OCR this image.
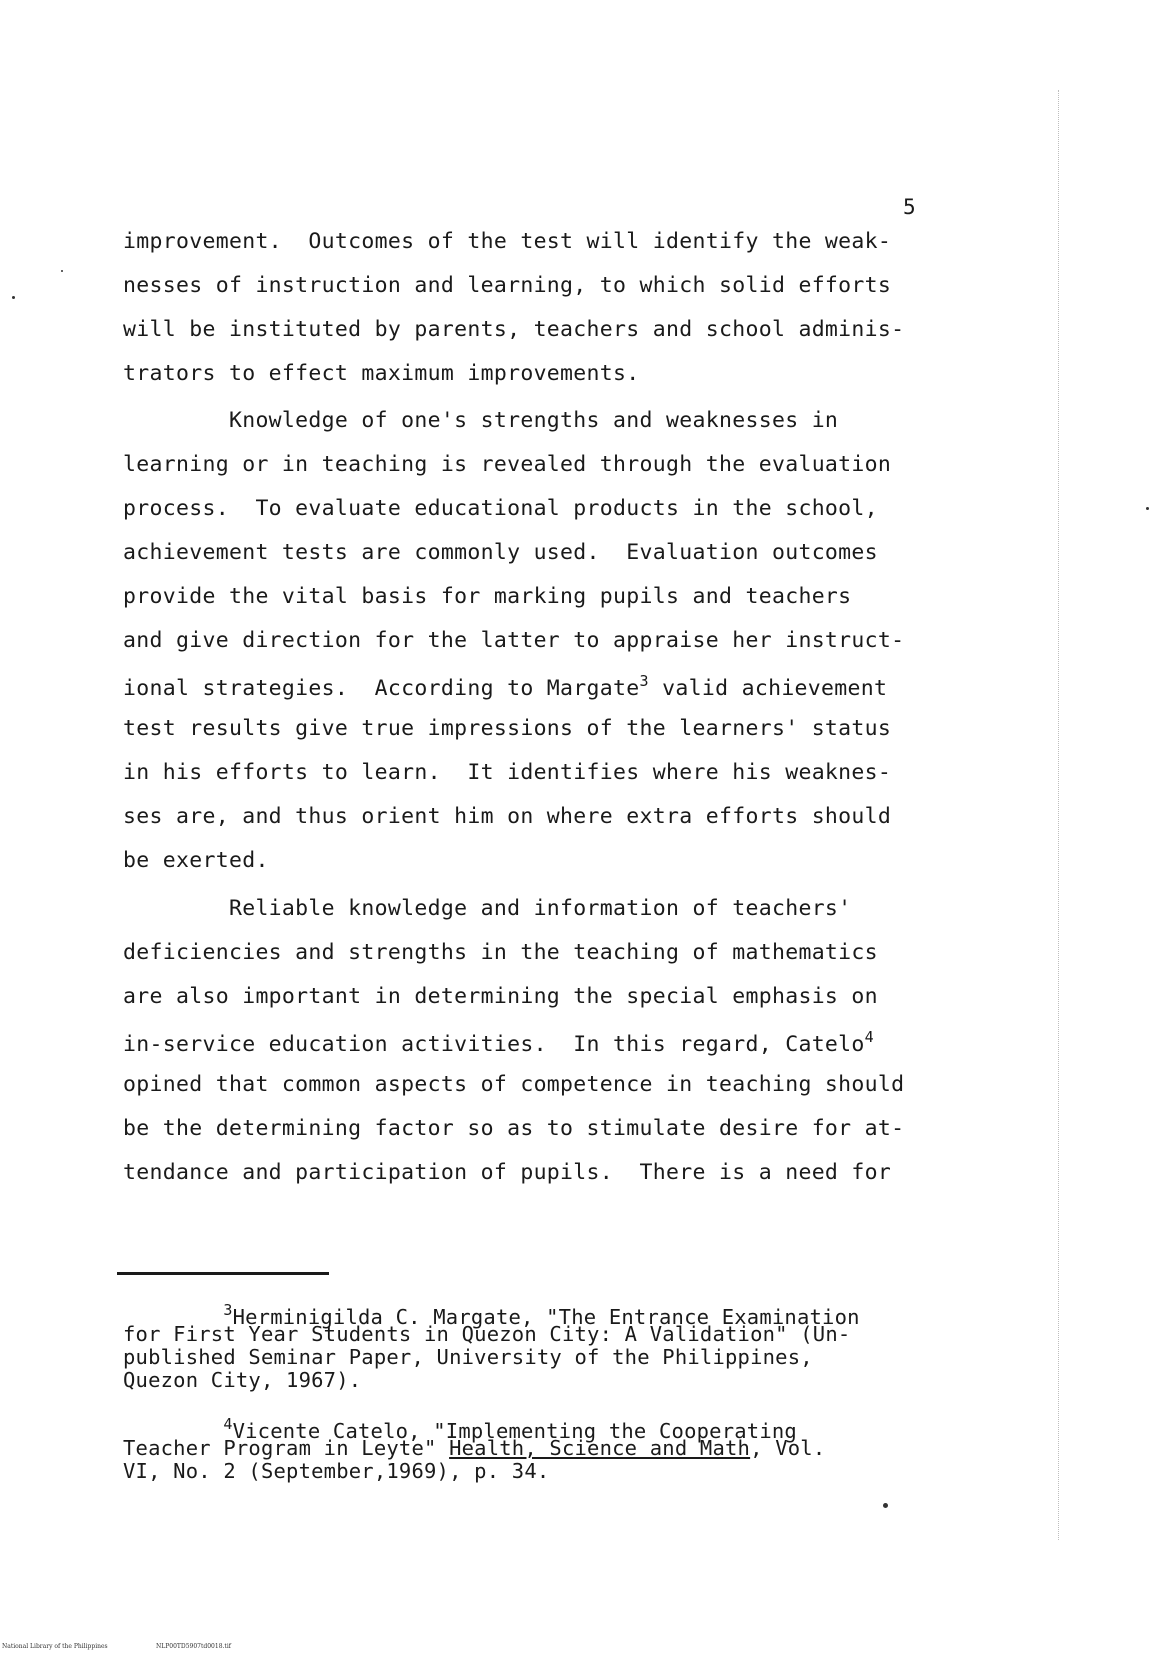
5
improvement.  Outcomes of the test will identify the weak-
nesses of instruction and learning, to which solid efforts
will be instituted by parents, teachers and school adminis-
trators to effect maximum improvements.
Knowledge of one's strengths and weaknesses in
learning or in teaching is revealed through the evaluation
process.  To evaluate educational products in the school,
achievement tests are commonly used.  Evaluation outcomes
provide the vital basis for marking pupils and teachers
and give direction for the latter to appraise her instruct-
ional strategies.  According to Margate$^3$ valid achievement
test results give true impressions of the learners' status
in his efforts to learn.  It identifies where his weaknes-
ses are, and thus orient him on where extra efforts should
be exerted.
Reliable knowledge and information of teachers'
deficiencies and strengths in the teaching of mathematics
are also important in determining the special emphasis on
in-service education activities.  In this regard, Catelo$^4$
opined that common aspects of competence in teaching should
be the determining factor so as to stimulate desire for at-
tendance and participation of pupils.  There is a need for
$^3$Herminigilda C. Margate, "The Entrance Examination
for First Year Students in Quezon City: A Validation" (Un-
published Seminar Paper, University of the Philippines,
Quezon City, 1967).
$^4$Vicente Catelo, "Implementing the Cooperating
Teacher Program in Leyte" Health, Science and Math, Vol.
VI, No. 2 (September,1969), p. 34.
National Library of the Philippines	NLP00TD5907td0018.tif
